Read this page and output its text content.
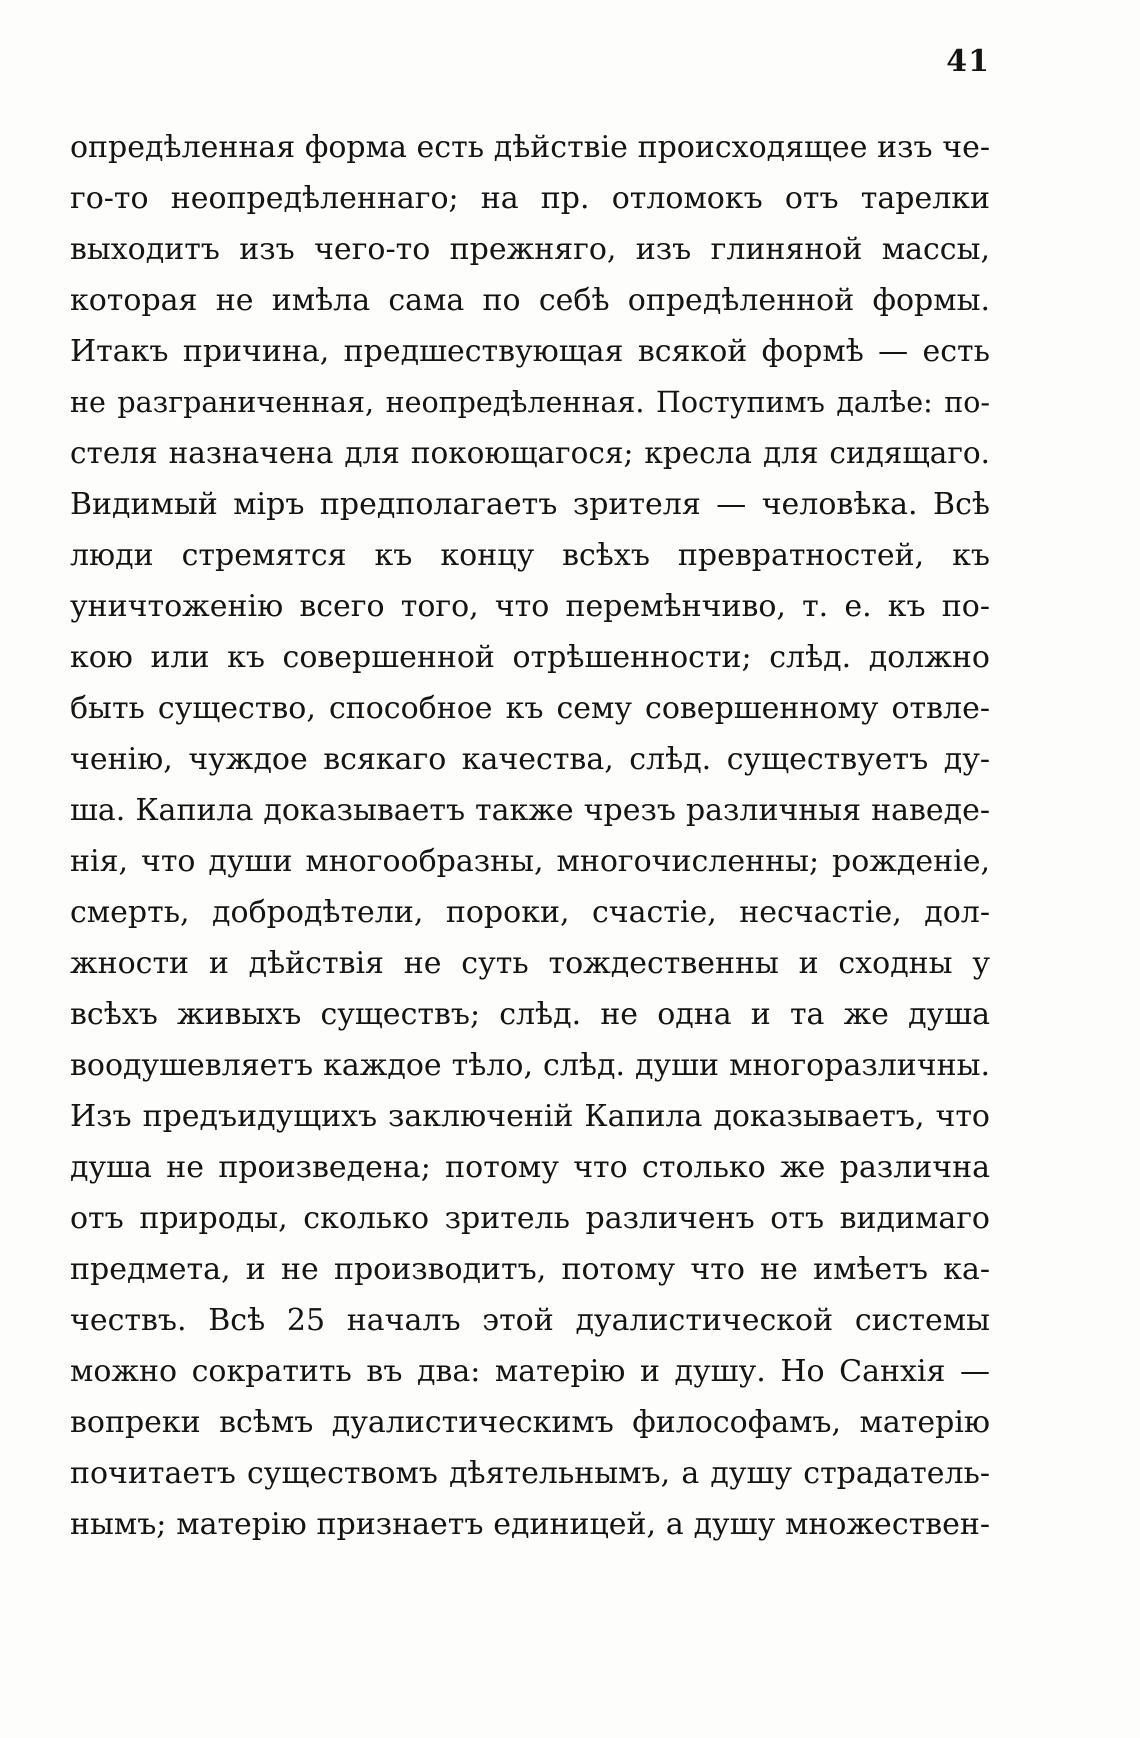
41
опредѣленная форма есть дѣйствіе происходящее изъ че-
го-то неопредѣленнаго; на пр. отломокъ отъ тарелки
выходитъ изъ чего-то прежняго, изъ глиняной массы,
которая не имѣла сама по себѣ опредѣленной формы.
Итакъ причина, предшествующая всякой формѣ — есть
не разграниченная, неопредѣленная. Поступимъ далѣе: по-
стеля назначена для покоющагося; кресла для сидящаго.
Видимый міръ предполагаетъ зрителя — человѣка. Всѣ
люди стремятся къ концу всѣхъ превратностей, къ
уничтоженію всего того, что перемѣнчиво, т. е. къ по-
кою или къ совершенной отрѣшенности; слѣд. должно
быть существо, способное къ сему совершенному отвле-
ченію, чуждое всякаго качества, слѣд. существуетъ ду-
ша. Капила доказываетъ также чрезъ различныя наведе-
нія, что души многообразны, многочисленны; рожденіе,
смерть, добродѣтели, пороки, счастіе, несчастіе, дол-
жности и дѣйствія не суть тождественны и сходны у
всѣхъ живыхъ существъ; слѣд. не одна и та же душа
воодушевляетъ каждое тѣло, слѣд. души многоразличны.
Изъ предъидущихъ заключеній Капила доказываетъ, что
душа не произведена; потому что столько же различна
отъ природы, сколько зритель различенъ отъ видимаго
предмета, и не производитъ, потому что не имѣетъ ка-
чествъ. Всѣ 25 началъ этой дуалистической системы
можно сократить въ два: матерію и душу. Но Санхія —
вопреки всѣмъ дуалистическимъ философамъ, матерію
почитаетъ существомъ дѣятельнымъ, а душу страдатель-
нымъ; матерію признаетъ единицей, а душу множествен-
